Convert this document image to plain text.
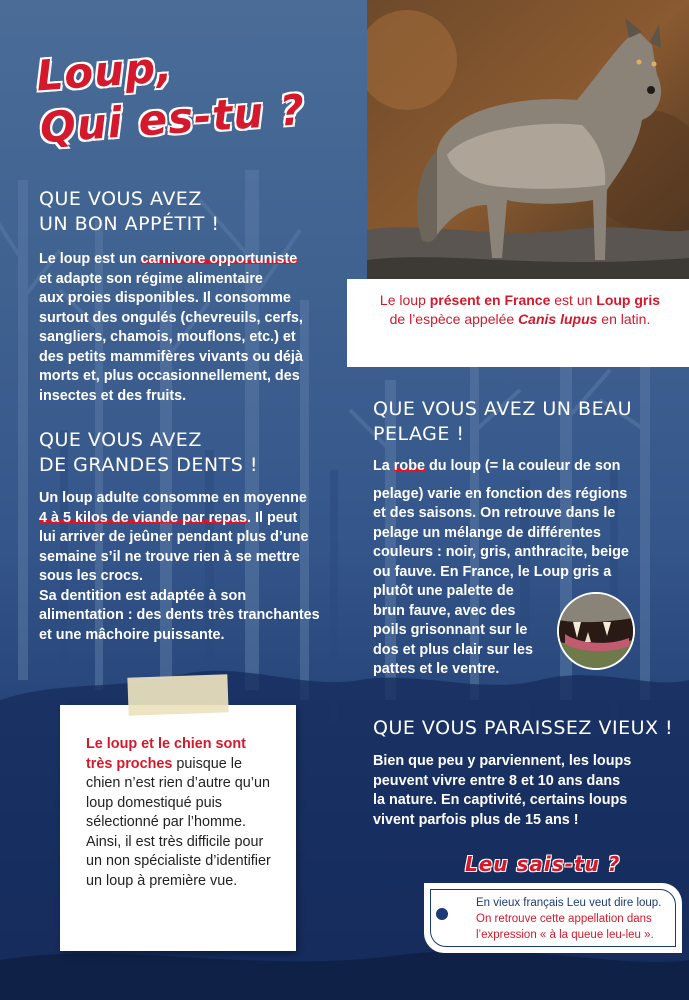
Le loup présent en France est un Loup gris
de l’espèce appelée Canis lupus en latin.
Loup,
Qui es-tu ?
QUE VOUS AVEZ
UN BON APPÉTIT !
Le loup est un carnivore opportuniste
et adapte son régime alimentaire
aux proies disponibles. Il consomme
surtout des ongulés (chevreuils, cerfs,
sangliers, chamois, mouflons, etc.) et
des petits mammifères vivants ou déjà
morts et, plus occasionnellement, des
insectes et des fruits.
QUE VOUS AVEZ
DE GRANDES DENTS !
Un loup adulte consomme en moyenne
4 à 5 kilos de viande par repas. Il peut
lui arriver de jeûner pendant plus d’une
semaine s’il ne trouve rien à se mettre
sous les crocs.
Sa dentition est adaptée à son
alimentation : des dents très tranchantes
et une mâchoire puissante.
QUE VOUS AVEZ UN BEAU
PELAGE !
La robe du loup (= la couleur de son
pelage) varie en fonction des régions
et des saisons. On retrouve dans le
pelage un mélange de différentes
couleurs : noir, gris, anthracite, beige
ou fauve. En France, le Loup gris a
plutôt une palette de
brun fauve, avec des
poils grisonnant sur le
dos et plus clair sur les
pattes et le ventre.
QUE VOUS PARAISSEZ VIEUX !
Bien que peu y parviennent, les loups
peuvent vivre entre 8 et 10 ans dans
la nature. En captivité, certains loups
vivent parfois plus de 15 ans !
Le loup et le chien sont très proches puisque le chien n’est rien d’autre qu’un loup domestiqué puis sélectionné par l’homme. Ainsi, il est très difficile pour un non spécialiste d’identifier un loup à première vue.
Leu sais-tu ?
En vieux français Leu veut dire loup.
On retrouve cette appellation dans
l’expression « à la queue leu-leu ».
